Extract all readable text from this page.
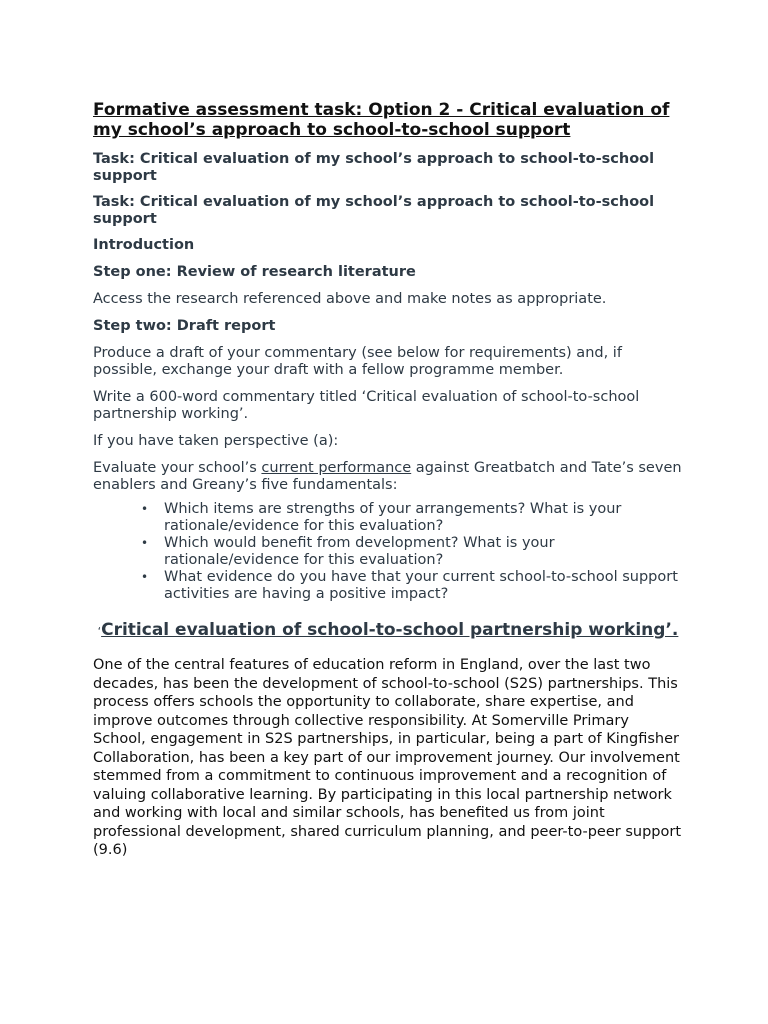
Formative assessment task: Option 2 - Critical evaluation of my school’s approach to school-to-school support

Task: Critical evaluation of my school’s approach to school-to-school support

Task: Critical evaluation of my school’s approach to school-to-school support

Introduction

Step one: Review of research literature

Access the research referenced above and make notes as appropriate.

Step two: Draft report

Produce a draft of your commentary (see below for requirements) and, if possible, exchange your draft with a fellow programme member.

Write a 600-word commentary titled ‘Critical evaluation of school-to-school partnership working’.

If you have taken perspective (a):

Evaluate your school’s current performance against Greatbatch and Tate’s seven enablers and Greany’s five fundamentals:

• Which items are strengths of your arrangements? What is your rationale/evidence for this evaluation?
• Which would benefit from development? What is your rationale/evidence for this evaluation?
• What evidence do you have that your current school-to-school support activities are having a positive impact?

‘Critical evaluation of school-to-school partnership working’.

One of the central features of education reform in England, over the last two decades, has been the development of school-to-school (S2S) partnerships. This process offers schools the opportunity to collaborate, share expertise, and improve outcomes through collective responsibility. At Somerville Primary School, engagement in S2S partnerships, in particular, being a part of Kingfisher Collaboration, has been a key part of our improvement journey. Our involvement stemmed from a commitment to continuous improvement and a recognition of valuing collaborative learning. By participating in this local partnership network and working with local and similar schools, has benefited us from joint professional development, shared curriculum planning, and peer-to-peer support (9.6)
